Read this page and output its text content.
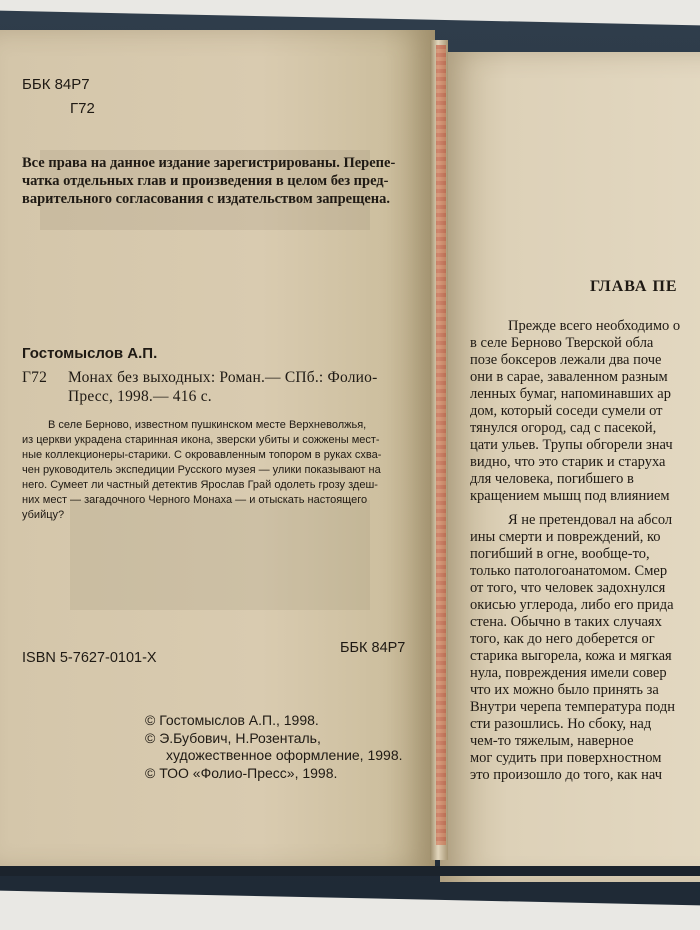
ББК 84Р7
Г72
Все права на данное издание зарегистрированы. Перепе-
чатка отдельных глав и произведения в целом без пред-
варительного согласования с издательством запрещена.
Гостомыслов А.П.
Г72 Монах без выходных: Роман.— СПб.: Фолио-
Пресс, 1998.— 416 с.
В селе Берново, известном пушкинском месте Верхневолжья,
из церкви украдена старинная икона, зверски убиты и сожжены мест-
ные коллекционеры-старики. С окровавленным топором в руках схва-
чен руководитель экспедиции Русского музея — улики показывают на
него. Сумеет ли частный детектив Ярослав Грай одолеть грозу здеш-
них мест — загадочного Черного Монаха — и отыскать настоящего
убийцу?
ISBN 5-7627-0101-X
ББК 84Р7
© Гостомыслов А.П., 1998.
© Э.Бубович, Н.Розенталь,
художественное оформление, 1998.
© ТОО «Фолио-Пресс», 1998.
ГЛАВА ПЕ
Прежде всего необходимо о
в селе Берново Тверской обла
позе боксеров лежали два поче
они в сарае, заваленном разным
ленных бумаг, напоминавших ар
дом, который соседи сумели от
тянулся огород, сад с пасекой,
цати ульев. Трупы обгорели знач
видно, что это старик и старуха
для человека, погибшего в
кращением мышц под влиянием
Я не претендовал на абсол
ины смерти и повреждений, ко
погибший в огне, вообще-то,
только патологоанатомом. Смер
от того, что человек задохнулся
окисью углерода, либо его прида
стена. Обычно в таких случаях
того, как до него доберется ог
старика выгорела, кожа и мягкая
нула, повреждения имели совер
что их можно было принять за
Внутри черепа температура подн
сти разошлись. Но сбоку, над
чем-то тяжелым, наверное
мог судить при поверхностном
это произошло до того, как нач
